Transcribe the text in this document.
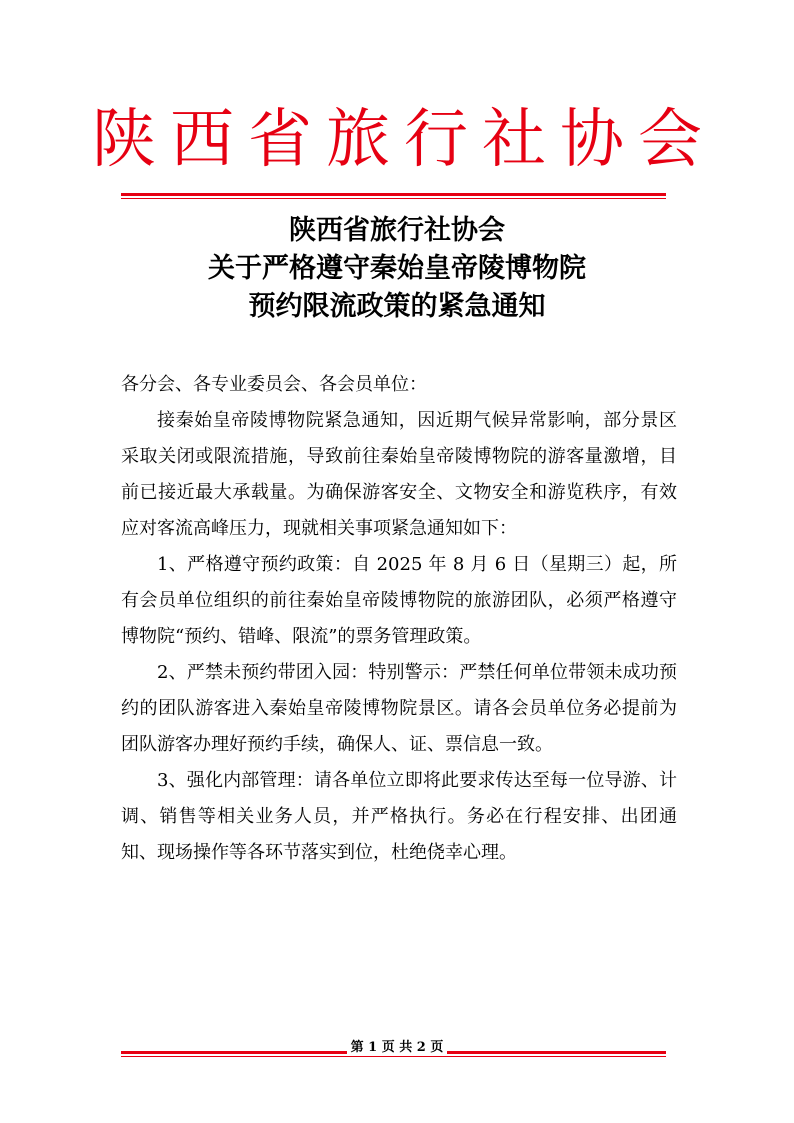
陕西省旅行社协会
陕西省旅行社协会
关于严格遵守秦始皇帝陵博物院
预约限流政策的紧急通知

各分会、各专业委员会、各会员单位：

接秦始皇帝陵博物院紧急通知，因近期气候异常影响，部分景区采取关闭或限流措施，导致前往秦始皇帝陵博物院的游客量激增，目前已接近最大承载量。为确保游客安全、文物安全和游览秩序，有效应对客流高峰压力，现就相关事项紧急通知如下：

1、严格遵守预约政策：自 2025 年 8 月 6 日（星期三）起，所有会员单位组织的前往秦始皇帝陵博物院的旅游团队，必须严格遵守博物院“预约、错峰、限流”的票务管理政策。

2、严禁未预约带团入园：特别警示：严禁任何单位带领未成功预约的团队游客进入秦始皇帝陵博物院景区。请各会员单位务必提前为团队游客办理好预约手续，确保人、证、票信息一致。

3、强化内部管理：请各单位立即将此要求传达至每一位导游、计调、销售等相关业务人员，并严格执行。务必在行程安排、出团通知、现场操作等各环节落实到位，杜绝侥幸心理。

第 1 页 共 2 页
